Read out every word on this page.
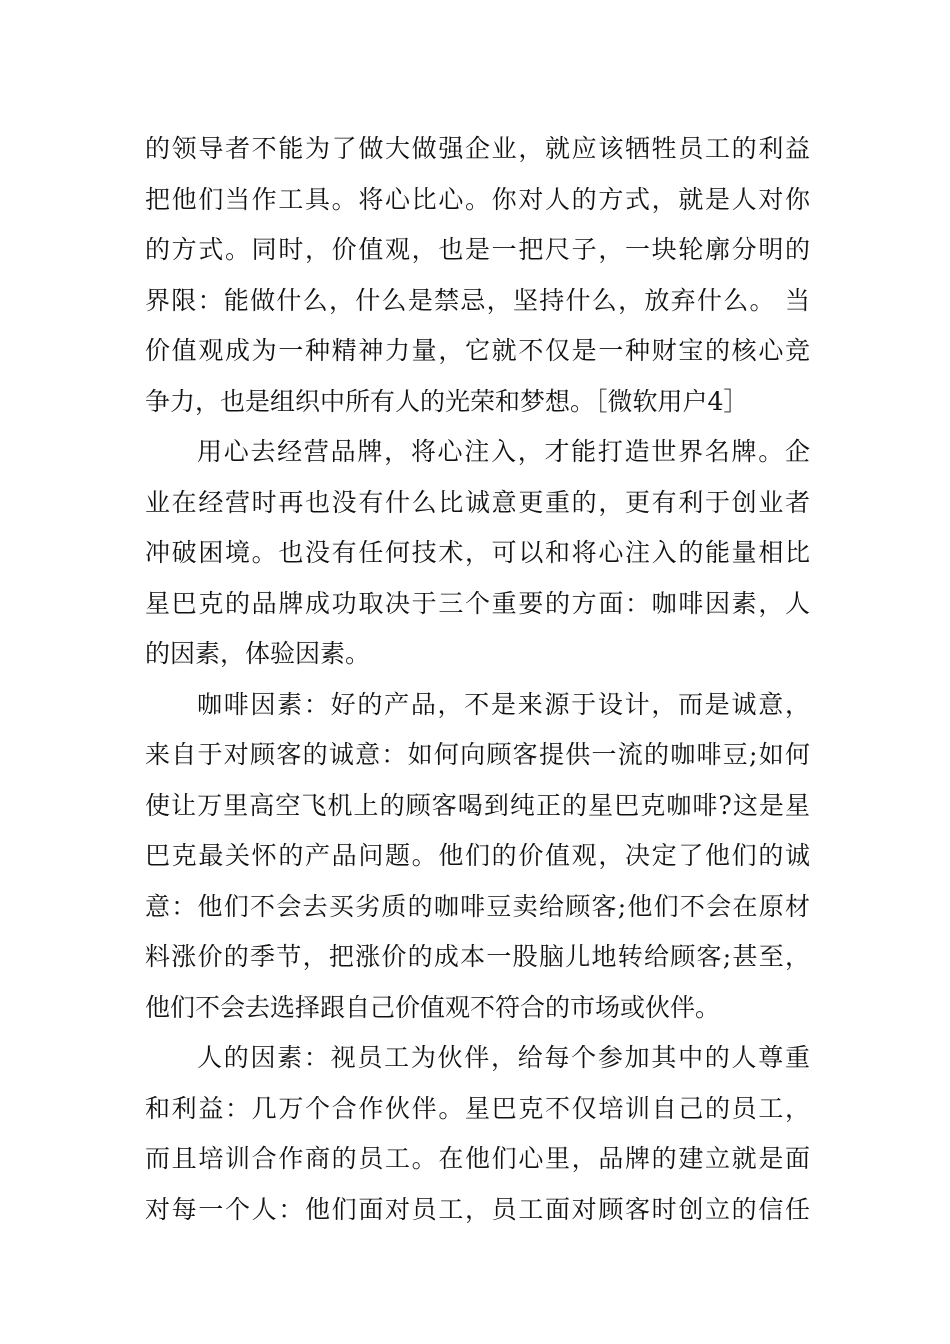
的领导者不能为了做大做强企业，就应该牺牲员工的利益
把他们当作工具。将心比心。你对人的方式，就是人对你
的方式。同时，价值观，也是一把尺子，一块轮廓分明的
界限：能做什么，什么是禁忌，坚持什么，放弃什么。 当
价值观成为一种精神力量，它就不仅是一种财宝的核心竞
争力，也是组织中所有人的光荣和梦想。［微软用户4］
用心去经营品牌，将心注入，才能打造世界名牌。企
业在经营时再也没有什么比诚意更重的，更有利于创业者
冲破困境。也没有任何技术，可以和将心注入的能量相比
星巴克的品牌成功取决于三个重要的方面：咖啡因素，人
的因素，体验因素。
咖啡因素：好的产品，不是来源于设计，而是诚意，
来自于对顾客的诚意：如何向顾客提供一流的咖啡豆;如何
使让万里高空飞机上的顾客喝到纯正的星巴克咖啡?这是星
巴克最关怀的产品问题。他们的价值观，决定了他们的诚
意：他们不会去买劣质的咖啡豆卖给顾客;他们不会在原材
料涨价的季节，把涨价的成本一股脑儿地转给顾客;甚至，
他们不会去选择跟自己价值观不符合的市场或伙伴。
人的因素：视员工为伙伴，给每个参加其中的人尊重
和利益：几万个合作伙伴。星巴克不仅培训自己的员工，
而且培训合作商的员工。在他们心里，品牌的建立就是面
对每一个人：他们面对员工，员工面对顾客时创立的信任
